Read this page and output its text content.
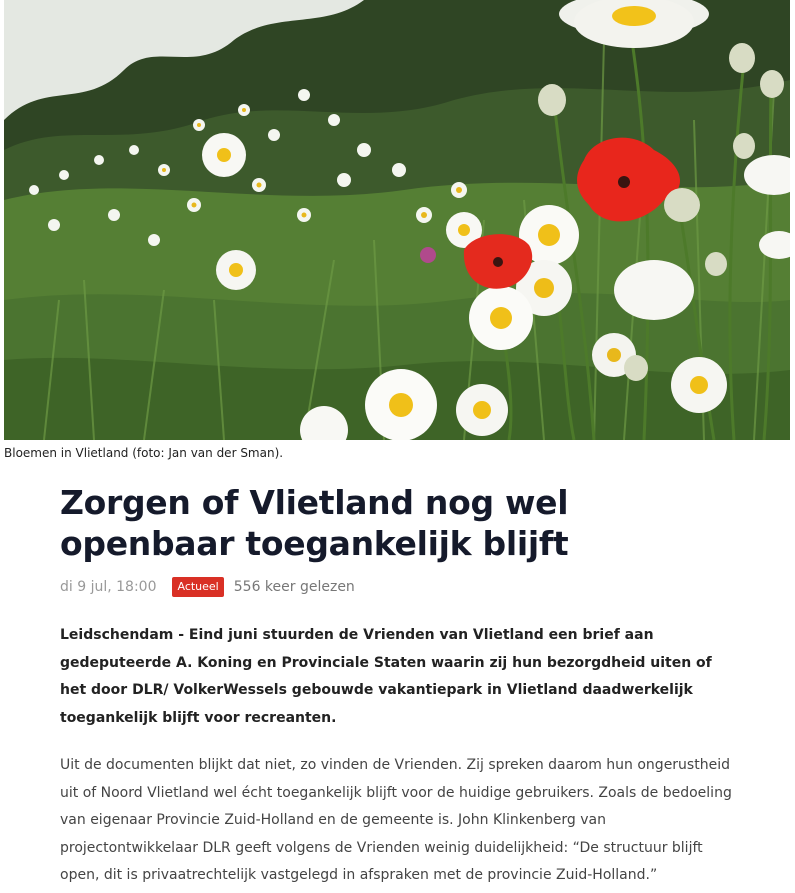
Bloemen in Vlietland (foto: Jan van der Sman).
Zorgen of Vlietland nog wel openbaar toegankelijk blijft
di 9 jul, 18:00	Actueel	556 keer gelezen

Leidschendam - Eind juni stuurden de Vrienden van Vlietland een brief aan gedeputeerde A. Koning en Provinciale Staten waarin zij hun bezorgdheid uiten of het door DLR/ VolkerWessels gebouwde vakantiepark in Vlietland daadwerkelijk toegankelijk blijft voor recreanten.

Uit de documenten blijkt dat niet, zo vinden de Vrienden. Zij spreken daarom hun ongerustheid uit of Noord Vlietland wel écht toegankelijk blijft voor de huidige gebruikers. Zoals de bedoeling van eigenaar Provincie Zuid-Holland en de gemeente is. John Klinkenberg van projectontwikkelaar DLR geeft volgens de Vrienden weinig duidelijkheid: “De structuur blijft open, dit is privaatrechtelijk vastgelegd in afspraken met de provincie Zuid-Holland.”
